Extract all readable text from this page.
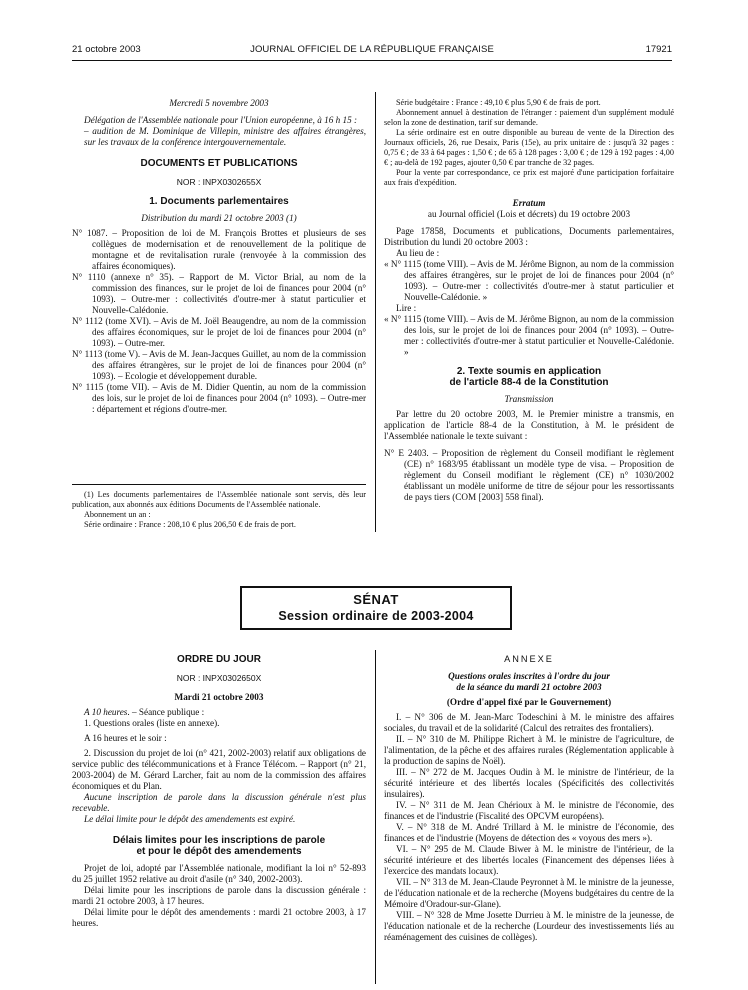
21 octobre 2003	JOURNAL OFFICIEL DE LA RÉPUBLIQUE FRANÇAISE	17921

Mercredi 5 novembre 2003

Délégation de l'Assemblée nationale pour l'Union européenne, à 16 h 15 :

– audition de M. Dominique de Villepin, ministre des affaires étrangères, sur les travaux de la conférence intergouvernementale.

DOCUMENTS ET PUBLICATIONS

NOR : INPX0302655X

1. Documents parlementaires

Distribution du mardi 21 octobre 2003 (1)

N° 1087. – Proposition de loi de M. François Brottes et plusieurs de ses collègues de modernisation et de renouvellement de la politique de montagne et de revitalisation rurale (renvoyée à la commission des affaires économiques).

N° 1110 (annexe n° 35). – Rapport de M. Victor Brial, au nom de la commission des finances, sur le projet de loi de finances pour 2004 (n° 1093). – Outre-mer : collectivités d'outre-mer à statut particulier et Nouvelle-Calédonie.

N° 1112 (tome XVI). – Avis de M. Joël Beaugendre, au nom de la commission des affaires économiques, sur le projet de loi de finances pour 2004 (n° 1093). – Outre-mer.

N° 1113 (tome V). – Avis de M. Jean-Jacques Guillet, au nom de la commission des affaires étrangères, sur le projet de loi de finances pour 2004 (n° 1093). – Ecologie et développement durable.

N° 1115 (tome VII). – Avis de M. Didier Quentin, au nom de la commission des lois, sur le projet de loi de finances pour 2004 (n° 1093). – Outre-mer : département et régions d'outre-mer.

(1) Les documents parlementaires de l'Assemblée nationale sont servis, dès leur publication, aux abonnés aux éditions Documents de l'Assemblée nationale.

Abonnement un an :

Série ordinaire : France : 208,10 € plus 206,50 € de frais de port.

Série budgétaire : France : 49,10 € plus 5,90 € de frais de port.

Abonnement annuel à destination de l'étranger : paiement d'un supplément modulé selon la zone de destination, tarif sur demande.

La série ordinaire est en outre disponible au bureau de vente de la Direction des Journaux officiels, 26, rue Desaix, Paris (15e), au prix unitaire de : jusqu'à 32 pages : 0,75 € ; de 33 à 64 pages : 1,50 € ; de 65 à 128 pages : 3,00 € ; de 129 à 192 pages : 4,00 € ; au-delà de 192 pages, ajouter 0,50 € par tranche de 32 pages.

Pour la vente par correspondance, ce prix est majoré d'une participation forfaitaire aux frais d'expédition.

Erratum

au Journal officiel (Lois et décrets) du 19 octobre 2003

Page 17858, Documents et publications, Documents parlementaires, Distribution du lundi 20 octobre 2003 :

Au lieu de :

« N° 1115 (tome VIII). – Avis de M. Jérôme Bignon, au nom de la commission des affaires étrangères, sur le projet de loi de finances pour 2004 (n° 1093). – Outre-mer : collectivités d'outre-mer à statut particulier et Nouvelle-Calédonie. »

Lire :

« N° 1115 (tome VIII). – Avis de M. Jérôme Bignon, au nom de la commission des lois, sur le projet de loi de finances pour 2004 (n° 1093). – Outre-mer : collectivités d'outre-mer à statut particulier et Nouvelle-Calédonie. »

2. Texte soumis en application

de l'article 88-4 de la Constitution

Transmission

Par lettre du 20 octobre 2003, M. le Premier ministre a transmis, en application de l'article 88-4 de la Constitution, à M. le président de l'Assemblée nationale le texte suivant :

N° E 2403. – Proposition de règlement du Conseil modifiant le règlement (CE) n° 1683/95 établissant un modèle type de visa. – Proposition de règlement du Conseil modifiant le règlement (CE) n° 1030/2002 établissant un modèle uniforme de titre de séjour pour les ressortissants de pays tiers (COM [2003] 558 final).

SÉNAT
Session ordinaire de 2003-2004

ORDRE DU JOUR

NOR : INPX0302650X

Mardi 21 octobre 2003

A 10 heures. – Séance publique :

1. Questions orales (liste en annexe).

A 16 heures et le soir :

2. Discussion du projet de loi (n° 421, 2002-2003) relatif aux obligations de service public des télécommunications et à France Télécom. – Rapport (n° 21, 2003-2004) de M. Gérard Larcher, fait au nom de la commission des affaires économiques et du Plan.

Aucune inscription de parole dans la discussion générale n'est plus recevable.

Le délai limite pour le dépôt des amendements est expiré.

Délais limites pour les inscriptions de parole

et pour le dépôt des amendements

Projet de loi, adopté par l'Assemblée nationale, modifiant la loi n° 52-893 du 25 juillet 1952 relative au droit d'asile (n° 340, 2002-2003).

Délai limite pour les inscriptions de parole dans la discussion générale : mardi 21 octobre 2003, à 17 heures.

Délai limite pour le dépôt des amendements : mardi 21 octobre 2003, à 17 heures.

ANNEXE

Questions orales inscrites à l'ordre du jour

de la séance du mardi 21 octobre 2003

(Ordre d'appel fixé par le Gouvernement)

I. – N° 306 de M. Jean-Marc Todeschini à M. le ministre des affaires sociales, du travail et de la solidarité (Calcul des retraites des frontaliers).

II. – N° 310 de M. Philippe Richert à M. le ministre de l'agriculture, de l'alimentation, de la pêche et des affaires rurales (Réglementation applicable à la production de sapins de Noël).

III. – N° 272 de M. Jacques Oudin à M. le ministre de l'intérieur, de la sécurité intérieure et des libertés locales (Spécificités des collectivités insulaires).

IV. – N° 311 de M. Jean Chérioux à M. le ministre de l'économie, des finances et de l'industrie (Fiscalité des OPCVM européens).

V. – N° 318 de M. André Trillard à M. le ministre de l'économie, des finances et de l'industrie (Moyens de détection des « voyous des mers »).

VI. – N° 295 de M. Claude Biwer à M. le ministre de l'intérieur, de la sécurité intérieure et des libertés locales (Financement des dépenses liées à l'exercice des mandats locaux).

VII. – N° 313 de M. Jean-Claude Peyronnet à M. le ministre de la jeunesse, de l'éducation nationale et de la recherche (Moyens budgétaires du centre de la Mémoire d'Oradour-sur-Glane).

VIII. – N° 328 de Mme Josette Durrieu à M. le ministre de la jeunesse, de l'éducation nationale et de la recherche (Lourdeur des investissements liés au réaménagement des cuisines de collèges).
